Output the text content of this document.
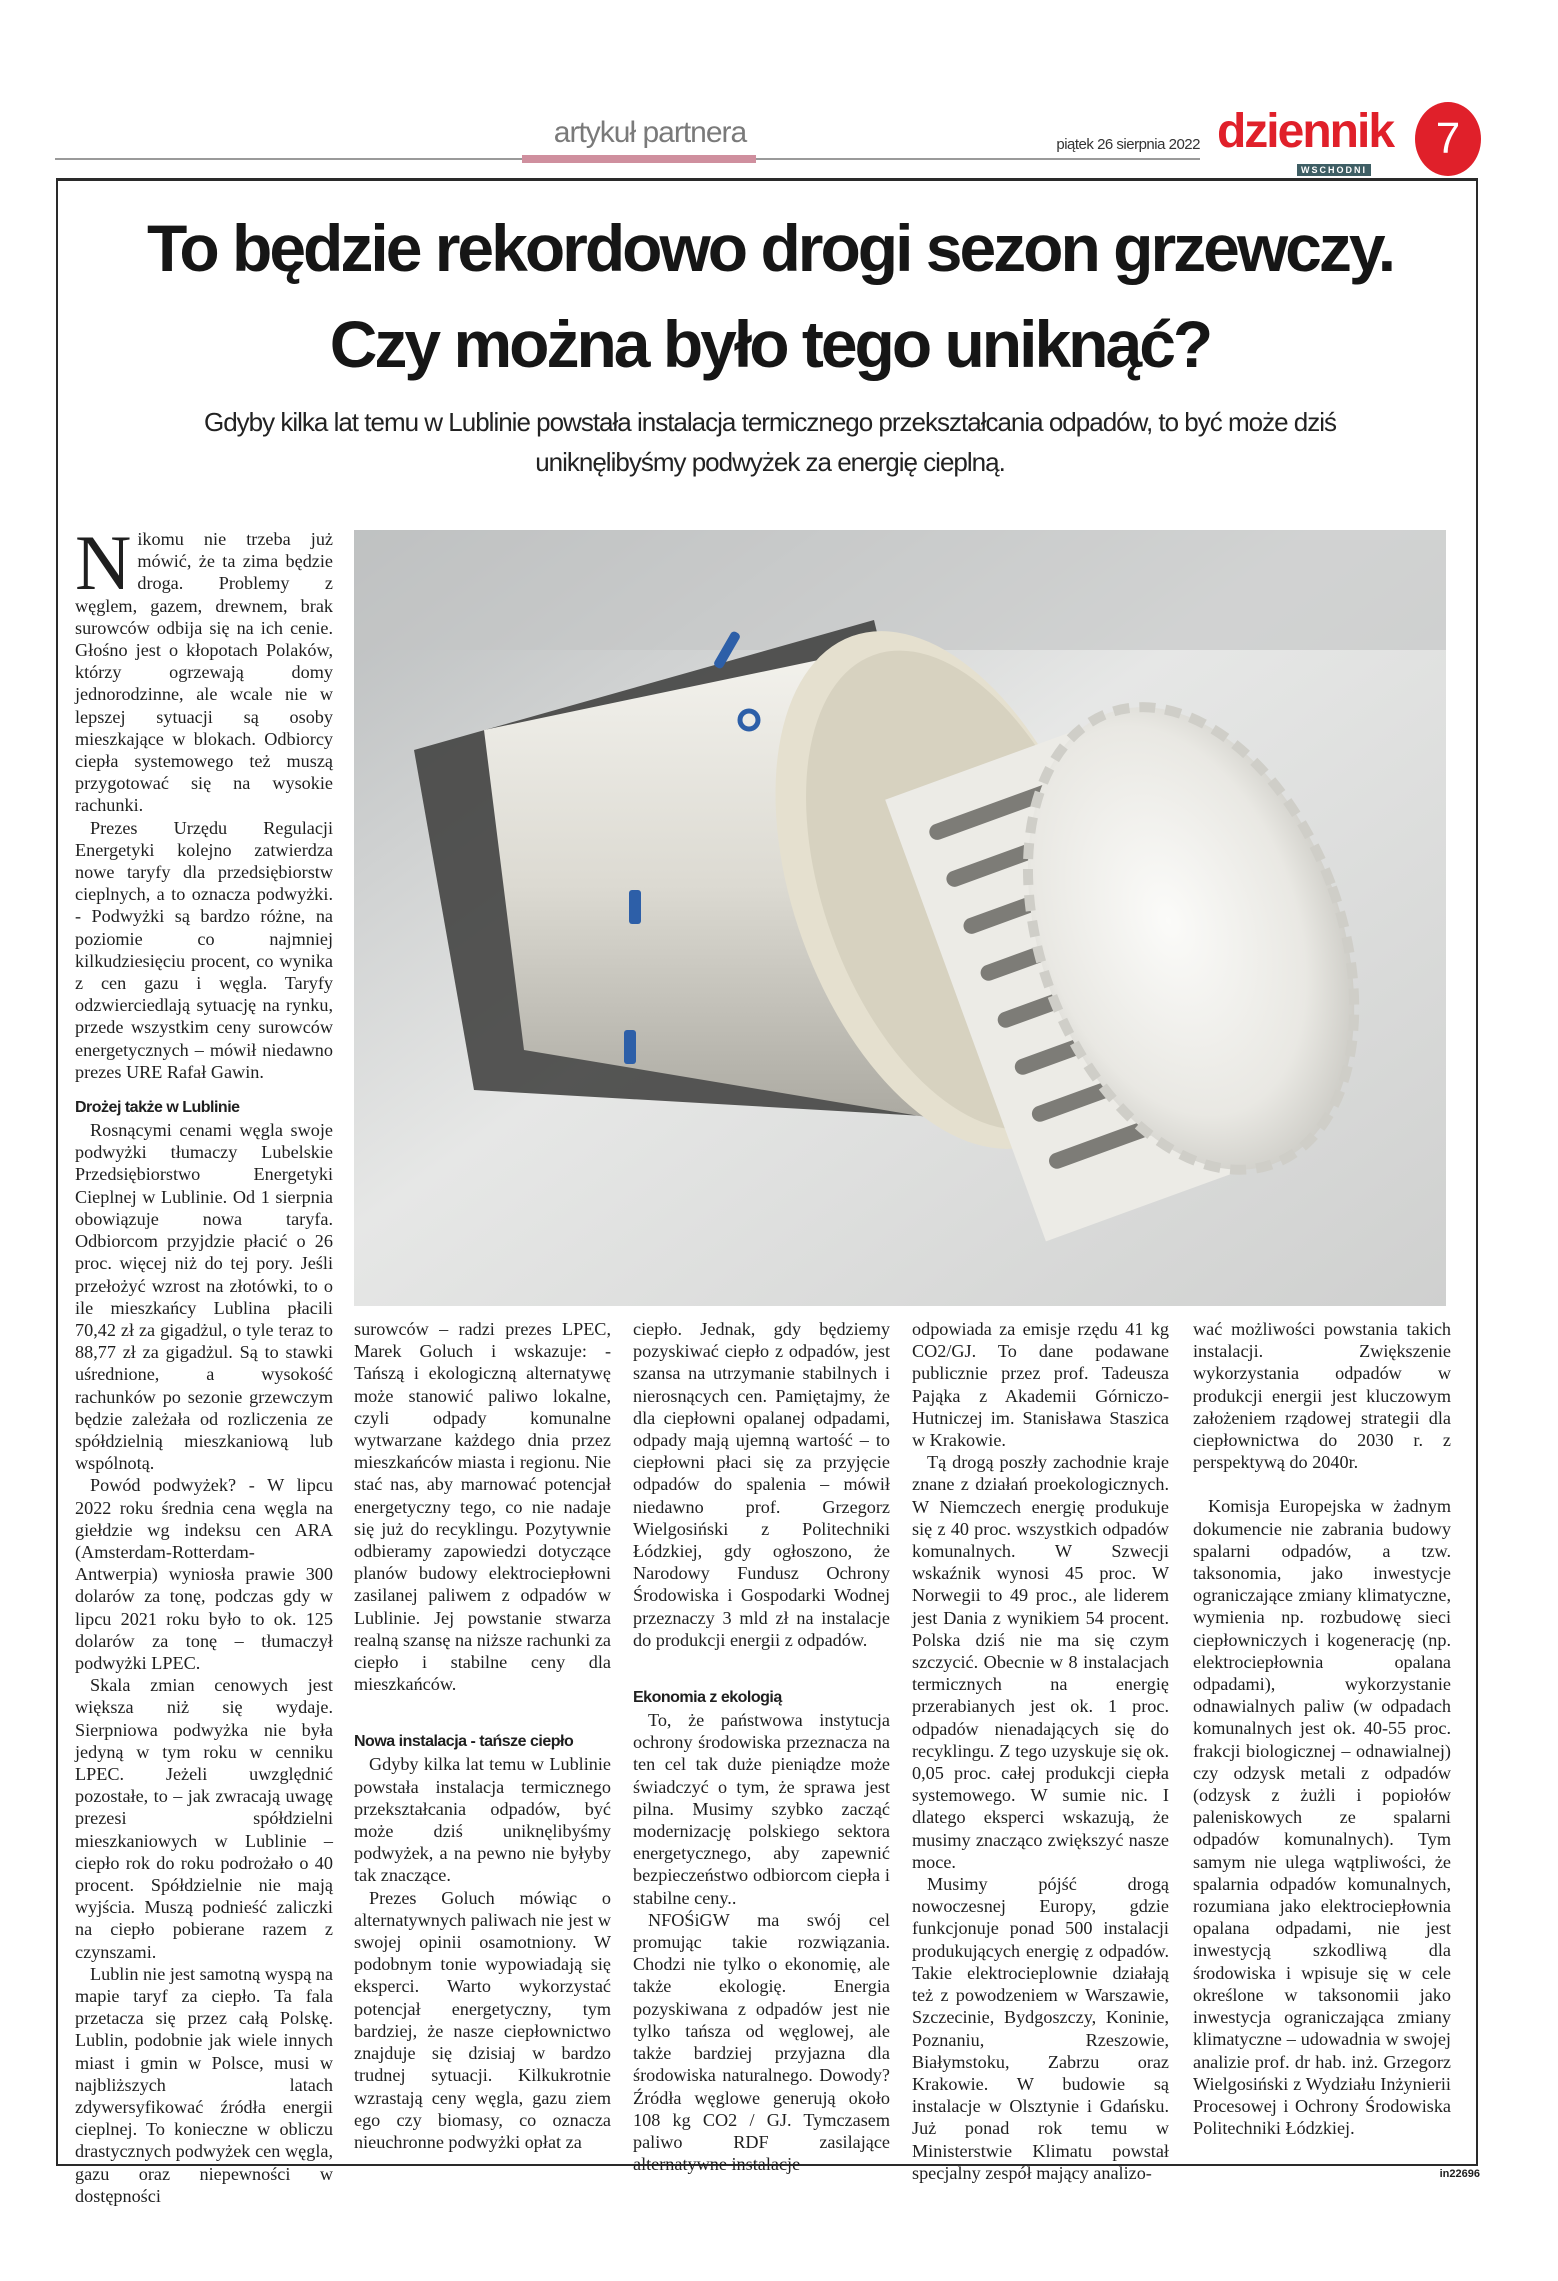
artykuł partnera	piątek 26 sierpnia 2022 dziennik
WSCHODNI
7
To będzie rekordowo drogi sezon grzewczy.
Czy można było tego uniknąć?
Gdyby kilka lat temu w Lublinie powstała instalacja termicznego przekształcania odpadów, to być może dziś
uniknęlibyśmy podwyżek za energię cieplną.
N ikomu nie trzeba już mówić, że ta zima będzie droga. Problemy z węglem, gazem, drewnem, brak surowców odbija się na ich cenie. Głośno jest o kłopotach Polaków, którzy ogrzewają domy jednorodzinne, ale wcale nie w lepszej sytuacji są osoby mieszkające w blokach. Odbiorcy ciepła systemowego też muszą przygotować się na wysokie rachunki.

Prezes Urzędu Regulacji Energetyki kolejno zatwierdza nowe taryfy dla przedsiębiorstw cieplnych, a to oznacza podwyżki. - Podwyżki są bardzo różne, na poziomie co najmniej kilkudziesięciu procent, co wynika z cen gazu i węgla. Taryfy odzwierciedlają sytuację na rynku, przede wszystkim ceny surowców energetycznych – mówił niedawno prezes URE Rafał Gawin.

Drożej także w Lublinie

Rosnącymi cenami węgla swoje podwyżki tłumaczy Lubelskie Przedsiębiorstwo Energetyki Cieplnej w Lublinie. Od 1 sierpnia obowiązuje nowa taryfa. Odbiorcom przyjdzie płacić o 26 proc. więcej niż do tej pory. Jeśli przełożyć wzrost na złotówki, to o ile mieszkańcy Lublina płacili 70,42 zł za gigadżul, o tyle teraz to 88,77 zł za gigadżul. Są to stawki uśrednione, a wysokość rachunków po sezonie grzewczym będzie zależała od rozliczenia ze spółdzielnią mieszkaniową lub wspólnotą.

Powód podwyżek? - W lipcu 2022 roku średnia cena węgla na giełdzie wg indeksu cen ARA (Amsterdam-Rotterdam-Antwerpia) wyniosła prawie 300 dolarów za tonę, podczas gdy w lipcu 2021 roku było to ok. 125 dolarów za tonę – tłumaczył podwyżki LPEC.

Skala zmian cenowych jest większa niż się wydaje. Sierpniowa podwyżka nie była jedyną w tym roku w cenniku LPEC. Jeżeli uwzględnić pozostałe, to – jak zwracają uwagę prezesi spółdzielni mieszkaniowych w Lublinie – ciepło rok do roku podrożało o 40 procent. Spółdzielnie nie mają wyjścia. Muszą podnieść zaliczki na ciepło pobierane razem z czynszami.

Lublin nie jest samotną wyspą na mapie taryf za ciepło. Ta fala przetacza się przez całą Polskę. Lublin, podobnie jak wiele innych miast i gmin w Polsce, musi w najbliższych latach zdywersyfikować źródła energii cieplnej. To konieczne w obliczu drastycznych podwyżek cen węgla, gazu oraz niepewności w dostępności

surowców – radzi prezes LPEC, Marek Goluch i wskazuje: - Tańszą i ekologiczną alternatywę może stanowić paliwo lokalne, czyli odpady komunalne wytwarzane każdego dnia przez mieszkańców miasta i regionu. Nie stać nas, aby marnować potencjał energetyczny tego, co nie nadaje się już do recyklingu. Pozytywnie odbieramy zapowiedzi dotyczące planów budowy elektrociepłowni zasilanej paliwem z odpadów w Lublinie. Jej powstanie stwarza realną szansę na niższe rachunki za ciepło i stabilne ceny dla mieszkańców.

Nowa instalacja - tańsze ciepło

Gdyby kilka lat temu w Lublinie powstała instalacja termicznego przekształcania odpadów, być może dziś uniknęlibyśmy podwyżek, a na pewno nie byłyby tak znaczące.

Prezes Goluch mówiąc o alternatywnych paliwach nie jest w swojej opinii osamotniony. W podobnym tonie wypowiadają się eksperci. Warto wykorzystać potencjał energetyczny, tym bardziej, że nasze ciepłownictwo znajduje się dzisiaj w bardzo trudnej sytuacji. Kilkukrotnie wzrastają ceny węgla, gazu ziem ego czy biomasy, co oznacza nieuchronne podwyżki opłat za

ciepło. Jednak, gdy będziemy pozyskiwać ciepło z odpadów, jest szansa na utrzymanie stabilnych i nierosnących cen. Pamiętajmy, że dla ciepłowni opalanej odpadami, odpady mają ujemną wartość – to ciepłowni płaci się za przyjęcie odpadów do spalenia – mówił niedawno prof. Grzegorz Wielgosiński z Politechniki Łódzkiej, gdy ogłoszono, że Narodowy Fundusz Ochrony Środowiska i Gospodarki Wodnej przeznaczy 3 mld zł na instalacje do produkcji energii z odpadów.

Ekonomia z ekologią

To, że państwowa instytucja ochrony środowiska przeznacza na ten cel tak duże pieniądze może świadczyć o tym, że sprawa jest pilna. Musimy szybko zacząć modernizację polskiego sektora energetycznego, aby zapewnić bezpieczeństwo odbiorcom ciepła i stabilne ceny..

NFOŚiGW ma swój cel promując takie rozwiązania. Chodzi nie tylko o ekonomię, ale także ekologię. Energia pozyskiwana z odpadów jest nie tylko tańsza od węglowej, ale także bardziej przyjazna dla środowiska naturalnego. Dowody? Źródła węglowe generują około 108 kg CO2 / GJ. Tymczasem paliwo RDF zasilające alternatywne instalacje

odpowiada za emisje rzędu 41 kg CO2/GJ. To dane podawane publicznie przez prof. Tadeusza Pająka z Akademii Górniczo-Hutniczej im. Stanisława Staszica w Krakowie.

Tą drogą poszły zachodnie kraje znane z działań proekologicznych. W Niemczech energię produkuje się z 40 proc. wszystkich odpadów komunalnych. W Szwecji wskaźnik wynosi 45 proc. W Norwegii to 49 proc., ale liderem jest Dania z wynikiem 54 procent. Polska dziś nie ma się czym szczycić. Obecnie w 8 instalacjach termicznych na energię przerabianych jest ok. 1 proc. odpadów nienadających się do recyklingu. Z tego uzyskuje się ok. 0,05 proc. całej produkcji ciepła systemowego. W sumie nic. I dlatego eksperci wskazują, że musimy znacząco zwiększyć nasze moce.

Musimy pójść drogą nowoczesnej Europy, gdzie funkcjonuje ponad 500 instalacji produkujących energię z odpadów. Takie elektrocieplownie działają też z powodzeniem w Warszawie, Szczecinie, Bydgoszczy, Koninie, Poznaniu, Rzeszowie, Białymstoku, Zabrzu oraz Krakowie. W budowie są instalacje w Olsztynie i Gdańsku. Już ponad rok temu w Ministerstwie Klimatu powstał specjalny zespół mający analizo-

wać możliwości powstania takich instalacji. Zwiększenie wykorzystania odpadów w produkcji energii jest kluczowym założeniem rządowej strategii dla ciepłownictwa do 2030 r. z perspektywą do 2040r.

Komisja Europejska w żadnym dokumencie nie zabrania budowy spalarni odpadów, a tzw. taksonomia, jako inwestycje ograniczające zmiany klimatyczne, wymienia np. rozbudowę sieci ciepłowniczych i kogenerację (np. elektrociepłownia opalana odpadami), wykorzystanie odnawialnych paliw (w odpadach komunalnych jest ok. 40-55 proc. frakcji biologicznej – odnawialnej) czy odzysk metali z odpadów (odzysk z żużli i popiołów paleniskowych ze spalarni odpadów komunalnych). Tym samym nie ulega wątpliwości, że spalarnia odpadów komunalnych, rozumiana jako elektrociepłownia opalana odpadami, nie jest inwestycją szkodliwą dla środowiska i wpisuje się w cele określone w taksonomii jako inwestycja ograniczająca zmiany klimatyczne – udowadnia w swojej analizie prof. dr hab. inż. Grzegorz Wielgosiński z Wydziału Inżynierii Procesowej i Ochrony Środowiska Politechniki Łódzkiej.

in22696
